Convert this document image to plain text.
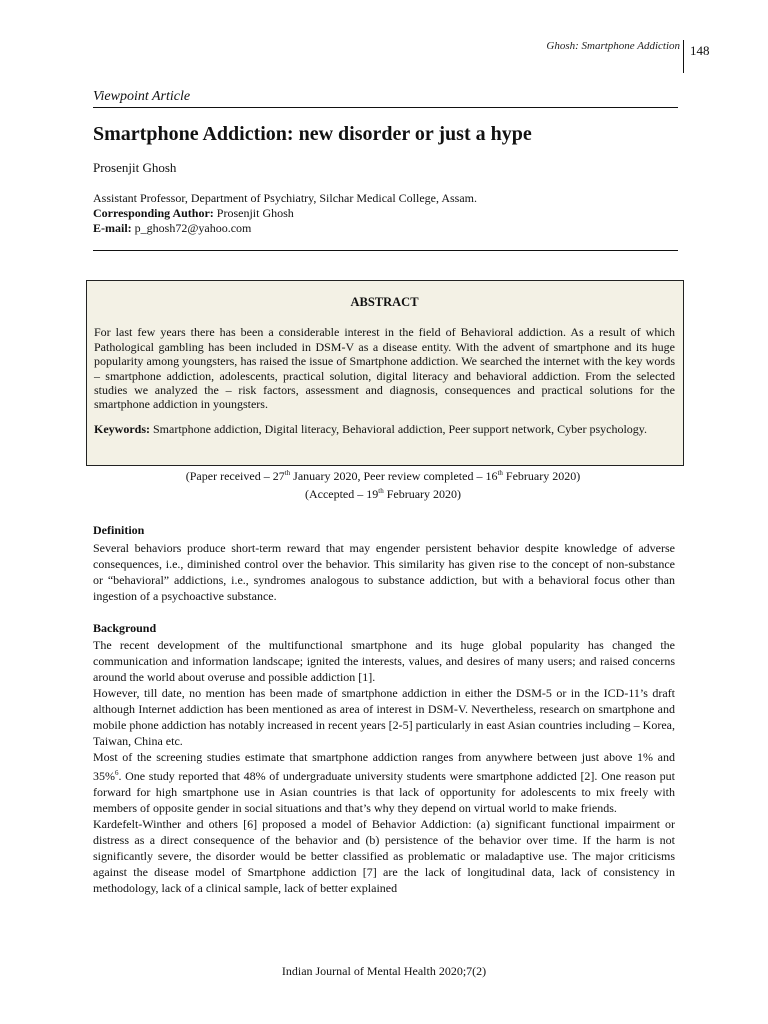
Ghosh: Smartphone Addiction 148
Viewpoint Article
Smartphone Addiction: new disorder or just a hype
Prosenjit Ghosh
Assistant Professor, Department of Psychiatry, Silchar Medical College, Assam.
Corresponding Author: Prosenjit Ghosh
E-mail: p_ghosh72@yahoo.com
ABSTRACT
For last few years there has been a considerable interest in the field of Behavioral addiction. As a result of which Pathological gambling has been included in DSM-V as a disease entity. With the advent of smartphone and its huge popularity among youngsters, has raised the issue of Smartphone addiction. We searched the internet with the key words – smartphone addiction, adolescents, practical solution, digital literacy and behavioral addiction. From the selected studies we analyzed the – risk factors, assessment and diagnosis, consequences and practical solutions for the smartphone addiction in youngsters.
Keywords: Smartphone addiction, Digital literacy, Behavioral addiction, Peer support network, Cyber psychology.
(Paper received – 27th January 2020, Peer review completed – 16th February 2020)
(Accepted – 19th February 2020)
Definition

Several behaviors produce short-term reward that may engender persistent behavior despite knowledge of adverse consequences, i.e., diminished control over the behavior. This similarity has given rise to the concept of non-substance or “behavioral” addictions, i.e., syndromes analogous to substance addiction, but with a behavioral focus other than ingestion of a psychoactive substance.

Background

The recent development of the multifunctional smartphone and its huge global popularity has changed the communication and information landscape; ignited the interests, values, and desires of many users; and raised concerns around the world about overuse and possible addiction [1].

However, till date, no mention has been made of smartphone addiction in either the DSM-5 or in the ICD-11’s draft although Internet addiction has been mentioned as area of interest in DSM-V. Nevertheless, research on smartphone and mobile phone addiction has notably increased in recent years [2-5] particularly in east Asian countries including – Korea, Taiwan, China etc.

Most of the screening studies estimate that smartphone addiction ranges from anywhere between just above 1% and 35%$^6$. One study reported that 48% of undergraduate university students were smartphone addicted [2]. One reason put forward for high smartphone use in Asian countries is that lack of opportunity for adolescents to mix freely with members of opposite gender in social situations and that’s why they depend on virtual world to make friends.

Kardefelt-Winther and others [6] proposed a model of Behavior Addiction: (a) significant functional impairment or distress as a direct consequence of the behavior and (b) persistence of the behavior over time. If the harm is not significantly severe, the disorder would be better classified as problematic or maladaptive use. The major criticisms against the disease model of Smartphone addiction [7] are the lack of longitudinal data, lack of consistency in methodology, lack of a clinical sample, lack of better explained

Indian Journal of Mental Health 2020;7(2)
